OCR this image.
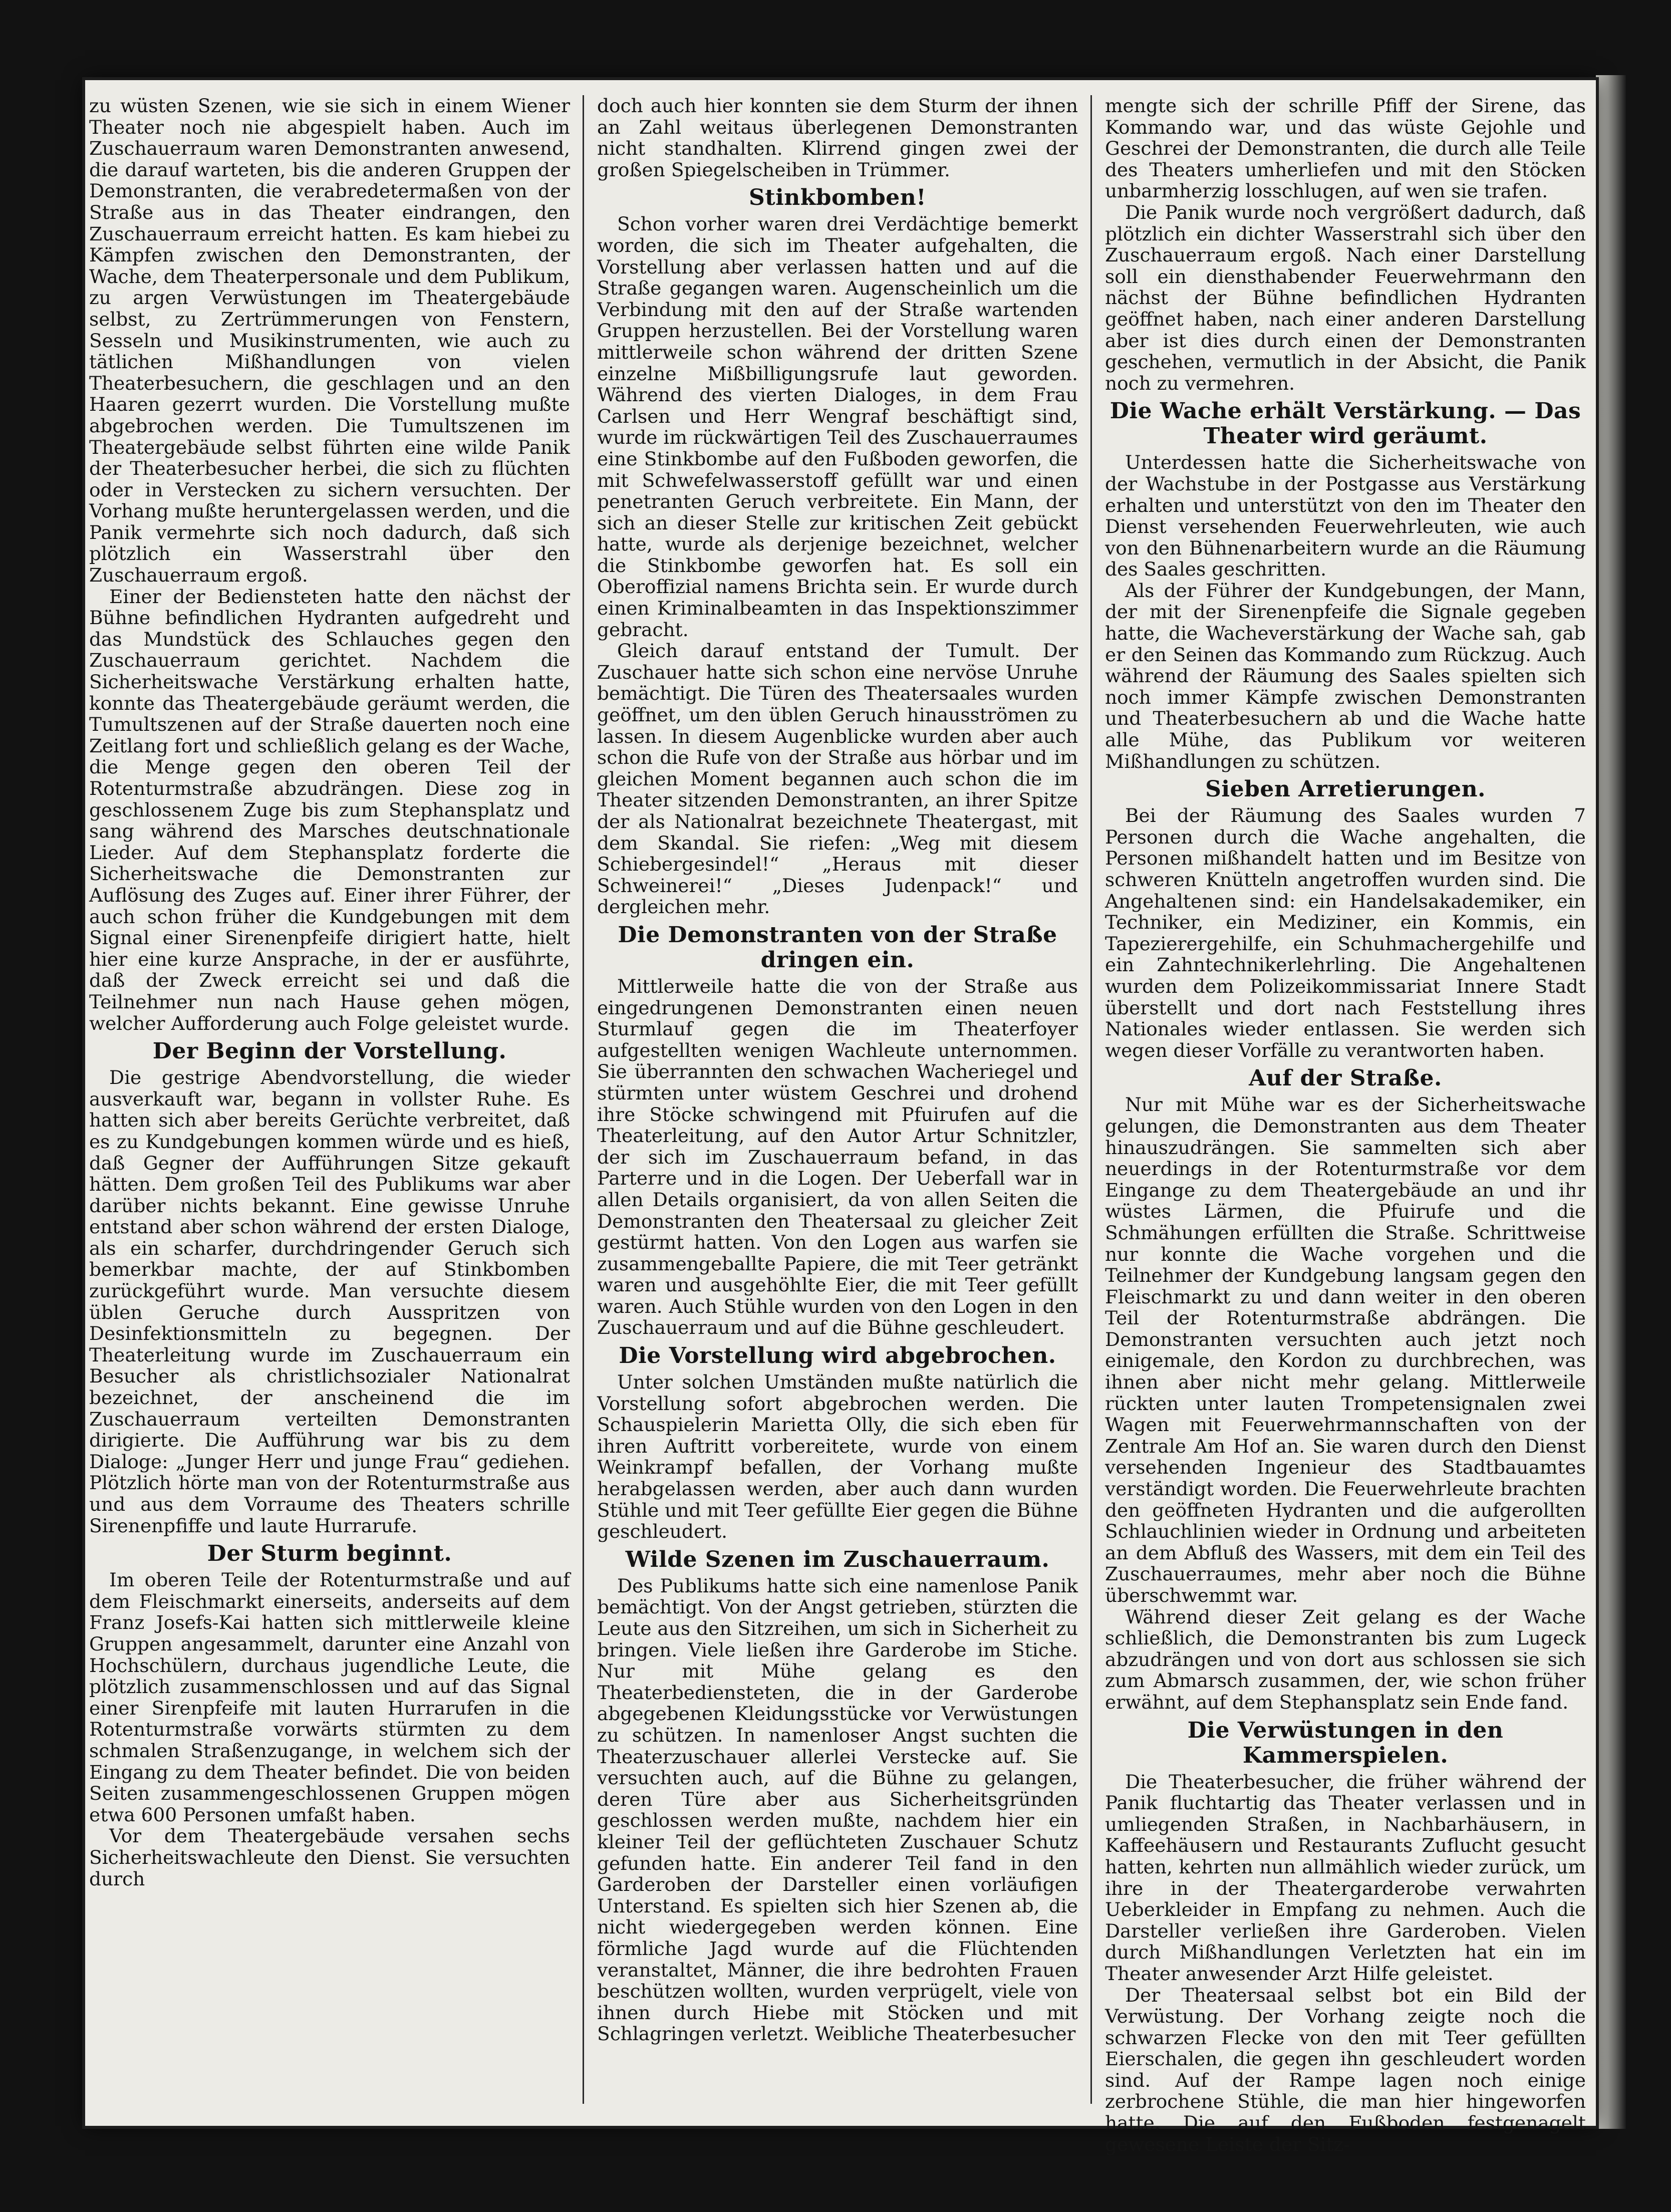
zu wüsten Szenen, wie sie sich in einem Wiener Theater noch nie abgespielt haben. Auch im Zuschauerraum waren Demonstranten anwesend, die darauf warteten, bis die anderen Gruppen der Demonstranten, die verabredetermaßen von der Straße aus in das Theater eindrangen, den Zuschauerraum erreicht hatten. Es kam hiebei zu Kämpfen zwischen den Demonstranten, der Wache, dem Theaterpersonale und dem Publikum, zu argen Verwüstungen im Theatergebäude selbst, zu Zertrümmerungen von Fenstern, Sesseln und Musikinstrumenten, wie auch zu tätlichen Mißhandlungen von vielen Theaterbesuchern, die geschlagen und an den Haaren gezerrt wurden. Die Vorstellung mußte abgebrochen werden. Die Tumultszenen im Theatergebäude selbst führten eine wilde Panik der Theaterbesucher herbei, die sich zu flüchten oder in Verstecken zu sichern versuchten. Der Vorhang mußte heruntergelassen werden, und die Panik vermehrte sich noch dadurch, daß sich plötzlich ein Wasserstrahl über den Zuschauerraum ergoß.

Einer der Bediensteten hatte den nächst der Bühne befindlichen Hydranten aufgedreht und das Mundstück des Schlauches gegen den Zuschauerraum gerichtet. Nachdem die Sicherheitswache Verstärkung erhalten hatte, konnte das Theatergebäude geräumt werden, die Tumultszenen auf der Straße dauerten noch eine Zeitlang fort und schließlich gelang es der Wache, die Menge gegen den oberen Teil der Rotenturmstraße abzudrängen. Diese zog in geschlossenem Zuge bis zum Stephansplatz und sang während des Marsches deutschnationale Lieder. Auf dem Stephansplatz forderte die Sicherheitswache die Demonstranten zur Auflösung des Zuges auf. Einer ihrer Führer, der auch schon früher die Kundgebungen mit dem Signal einer Sirenenpfeife dirigiert hatte, hielt hier eine kurze Ansprache, in der er ausführte, daß der Zweck erreicht sei und daß die Teilnehmer nun nach Hause gehen mögen, welcher Aufforderung auch Folge geleistet wurde.

Der Beginn der Vorstellung.

Die gestrige Abendvorstellung, die wieder ausverkauft war, begann in vollster Ruhe. Es hatten sich aber bereits Gerüchte verbreitet, daß es zu Kundgebungen kommen würde und es hieß, daß Gegner der Aufführungen Sitze gekauft hätten. Dem großen Teil des Publikums war aber darüber nichts bekannt. Eine gewisse Unruhe entstand aber schon während der ersten Dialoge, als ein scharfer, durchdringender Geruch sich bemerkbar machte, der auf Stinkbomben zurückgeführt wurde. Man versuchte diesem üblen Geruche durch Ausspritzen von Desinfektionsmitteln zu begegnen. Der Theaterleitung wurde im Zuschauerraum ein Besucher als christlichsozialer Nationalrat bezeichnet, der anscheinend die im Zuschauerraum verteilten Demonstranten dirigierte. Die Aufführung war bis zu dem Dialoge: „Junger Herr und junge Frau“ gediehen. Plötzlich hörte man von der Rotenturmstraße aus und aus dem Vorraume des Theaters schrille Sirenenpfiffe und laute Hurrarufe.

Der Sturm beginnt.

Im oberen Teile der Rotenturmstraße und auf dem Fleischmarkt einerseits, anderseits auf dem Franz Josefs-Kai hatten sich mittlerweile kleine Gruppen angesammelt, darunter eine Anzahl von Hochschülern, durchaus jugendliche Leute, die plötzlich zusammenschlossen und auf das Signal einer Sirenpfeife mit lauten Hurrarufen in die Rotenturmstraße vorwärts stürmten zu dem schmalen Straßenzugange, in welchem sich der Eingang zu dem Theater befindet. Die von beiden Seiten zusammengeschlossenen Gruppen mögen etwa 600 Personen umfaßt haben.

Vor dem Theatergebäude versahen sechs Sicherheitswachleute den Dienst. Sie versuchten durch

doch auch hier konnten sie dem Sturm der ihnen an Zahl weitaus überlegenen Demonstranten nicht standhalten. Klirrend gingen zwei der großen Spiegelscheiben in Trümmer.

Stinkbomben!

Schon vorher waren drei Verdächtige bemerkt worden, die sich im Theater aufgehalten, die Vorstellung aber verlassen hatten und auf die Straße gegangen waren. Augenscheinlich um die Verbindung mit den auf der Straße wartenden Gruppen herzustellen. Bei der Vorstellung waren mittlerweile schon während der dritten Szene einzelne Mißbilligungsrufe laut geworden. Während des vierten Dialoges, in dem Frau Carlsen und Herr Wengraf beschäftigt sind, wurde im rückwärtigen Teil des Zuschauerraumes eine Stinkbombe auf den Fußboden geworfen, die mit Schwefelwasserstoff gefüllt war und einen penetranten Geruch verbreitete. Ein Mann, der sich an dieser Stelle zur kritischen Zeit gebückt hatte, wurde als derjenige bezeichnet, welcher die Stinkbombe geworfen hat. Es soll ein Oberoffizial namens Brichta sein. Er wurde durch einen Kriminalbeamten in das Inspektionszimmer gebracht.

Gleich darauf entstand der Tumult. Der Zuschauer hatte sich schon eine nervöse Unruhe bemächtigt. Die Türen des Theatersaales wurden geöffnet, um den üblen Geruch hinausströmen zu lassen. In diesem Augenblicke wurden aber auch schon die Rufe von der Straße aus hörbar und im gleichen Moment begannen auch schon die im Theater sitzenden Demonstranten, an ihrer Spitze der als Nationalrat bezeichnete Theatergast, mit dem Skandal. Sie riefen: „Weg mit diesem Schiebergesindel!“ „Heraus mit dieser Schweinerei!“ „Dieses Judenpack!“ und dergleichen mehr.

Die Demonstranten von der Straße dringen ein.

Mittlerweile hatte die von der Straße aus eingedrungenen Demonstranten einen neuen Sturmlauf gegen die im Theaterfoyer aufgestellten wenigen Wachleute unternommen. Sie überrannten den schwachen Wacheriegel und stürmten unter wüstem Geschrei und drohend ihre Stöcke schwingend mit Pfuirufen auf die Theaterleitung, auf den Autor Artur Schnitzler, der sich im Zuschauerraum befand, in das Parterre und in die Logen. Der Ueberfall war in allen Details organisiert, da von allen Seiten die Demonstranten den Theatersaal zu gleicher Zeit gestürmt hatten. Von den Logen aus warfen sie zusammengeballte Papiere, die mit Teer getränkt waren und ausgehöhlte Eier, die mit Teer gefüllt waren. Auch Stühle wurden von den Logen in den Zuschauerraum und auf die Bühne geschleudert.

Die Vorstellung wird abgebrochen.

Unter solchen Umständen mußte natürlich die Vorstellung sofort abgebrochen werden. Die Schauspielerin Marietta Olly, die sich eben für ihren Auftritt vorbereitete, wurde von einem Weinkrampf befallen, der Vorhang mußte herabgelassen werden, aber auch dann wurden Stühle und mit Teer gefüllte Eier gegen die Bühne geschleudert.

Wilde Szenen im Zuschauerraum.

Des Publikums hatte sich eine namenlose Panik bemächtigt. Von der Angst getrieben, stürzten die Leute aus den Sitzreihen, um sich in Sicherheit zu bringen. Viele ließen ihre Garderobe im Stiche. Nur mit Mühe gelang es den Theaterbediensteten, die in der Garderobe abgegebenen Kleidungsstücke vor Verwüstungen zu schützen. In namenloser Angst suchten die Theaterzuschauer allerlei Verstecke auf. Sie versuchten auch, auf die Bühne zu gelangen, deren Türe aber aus Sicherheitsgründen geschlossen werden mußte, nachdem hier ein kleiner Teil der geflüchteten Zuschauer Schutz gefunden hatte. Ein anderer Teil fand in den Garderoben der Darsteller einen vorläufigen Unterstand. Es spielten sich hier Szenen ab, die nicht wiedergegeben werden können. Eine förmliche Jagd wurde auf die Flüchtenden veranstaltet, Männer, die ihre bedrohten Frauen beschützen wollten, wurden verprügelt, viele von ihnen durch Hiebe mit Stöcken und mit Schlagringen verletzt. Weibliche Theaterbesucher

mengte sich der schrille Pfiff der Sirene, das Kommando war, und das wüste Gejohle und Geschrei der Demonstranten, die durch alle Teile des Theaters umherliefen und mit den Stöcken unbarmherzig losschlugen, auf wen sie trafen.

Die Panik wurde noch vergrößert dadurch, daß plötzlich ein dichter Wasserstrahl sich über den Zuschauerraum ergoß. Nach einer Darstellung soll ein diensthabender Feuerwehrmann den nächst der Bühne befindlichen Hydranten geöffnet haben, nach einer anderen Darstellung aber ist dies durch einen der Demonstranten geschehen, vermutlich in der Absicht, die Panik noch zu vermehren.

Die Wache erhält Verstärkung. — Das Theater wird geräumt.

Unterdessen hatte die Sicherheitswache von der Wachstube in der Postgasse aus Verstärkung erhalten und unterstützt von den im Theater den Dienst versehenden Feuerwehrleuten, wie auch von den Bühnenarbeitern wurde an die Räumung des Saales geschritten.

Als der Führer der Kundgebungen, der Mann, der mit der Sirenenpfeife die Signale gegeben hatte, die Wacheverstärkung der Wache sah, gab er den Seinen das Kommando zum Rückzug. Auch während der Räumung des Saales spielten sich noch immer Kämpfe zwischen Demonstranten und Theaterbesuchern ab und die Wache hatte alle Mühe, das Publikum vor weiteren Mißhandlungen zu schützen.

Sieben Arretierungen.

Bei der Räumung des Saales wurden 7 Personen durch die Wache angehalten, die Personen mißhandelt hatten und im Besitze von schweren Knütteln angetroffen wurden sind. Die Angehaltenen sind: ein Handelsakademiker, ein Techniker, ein Mediziner, ein Kommis, ein Tapezierergehilfe, ein Schuhmachergehilfe und ein Zahntechnikerlehrling. Die Angehaltenen wurden dem Polizeikommissariat Innere Stadt überstellt und dort nach Feststellung ihres Nationales wieder entlassen. Sie werden sich wegen dieser Vorfälle zu verantworten haben.

Auf der Straße.

Nur mit Mühe war es der Sicherheitswache gelungen, die Demonstranten aus dem Theater hinauszudrängen. Sie sammelten sich aber neuerdings in der Rotenturmstraße vor dem Eingange zu dem Theatergebäude an und ihr wüstes Lärmen, die Pfuirufe und die Schmähungen erfüllten die Straße. Schrittweise nur konnte die Wache vorgehen und die Teilnehmer der Kundgebung langsam gegen den Fleischmarkt zu und dann weiter in den oberen Teil der Rotenturmstraße abdrängen. Die Demonstranten versuchten auch jetzt noch einigemale, den Kordon zu durchbrechen, was ihnen aber nicht mehr gelang. Mittlerweile rückten unter lauten Trompetensignalen zwei Wagen mit Feuerwehrmannschaften von der Zentrale Am Hof an. Sie waren durch den Dienst versehenden Ingenieur des Stadtbauamtes verständigt worden. Die Feuerwehrleute brachten den geöffneten Hydranten und die aufgerollten Schlauchlinien wieder in Ordnung und arbeiteten an dem Abfluß des Wassers, mit dem ein Teil des Zuschauerraumes, mehr aber noch die Bühne überschwemmt war.

Während dieser Zeit gelang es der Wache schließlich, die Demonstranten bis zum Lugeck abzudrängen und von dort aus schlossen sie sich zum Abmarsch zusammen, der, wie schon früher erwähnt, auf dem Stephansplatz sein Ende fand.

Die Verwüstungen in den Kammerspielen.

Die Theaterbesucher, die früher während der Panik fluchtartig das Theater verlassen und in umliegenden Straßen, in Nachbarhäusern, in Kaffeehäusern und Restaurants Zuflucht gesucht hatten, kehrten nun allmählich wieder zurück, um ihre in der Theatergarderobe verwahrten Ueberkleider in Empfang zu nehmen. Auch die Darsteller verließen ihre Garderoben. Vielen durch Mißhandlungen Verletzten hat ein im Theater anwesender Arzt Hilfe geleistet.

Der Theatersaal selbst bot ein Bild der Verwüstung. Der Vorhang zeigte noch die schwarzen Flecke von den mit Teer gefüllten Eierschalen, die gegen ihn geschleudert worden sind. Auf der Rampe lagen noch einige zerbrochene Stühle, die man hier hingeworfen hatte. Die auf den Fußboden festgenagelt gewesene Leiste der Sitz-
